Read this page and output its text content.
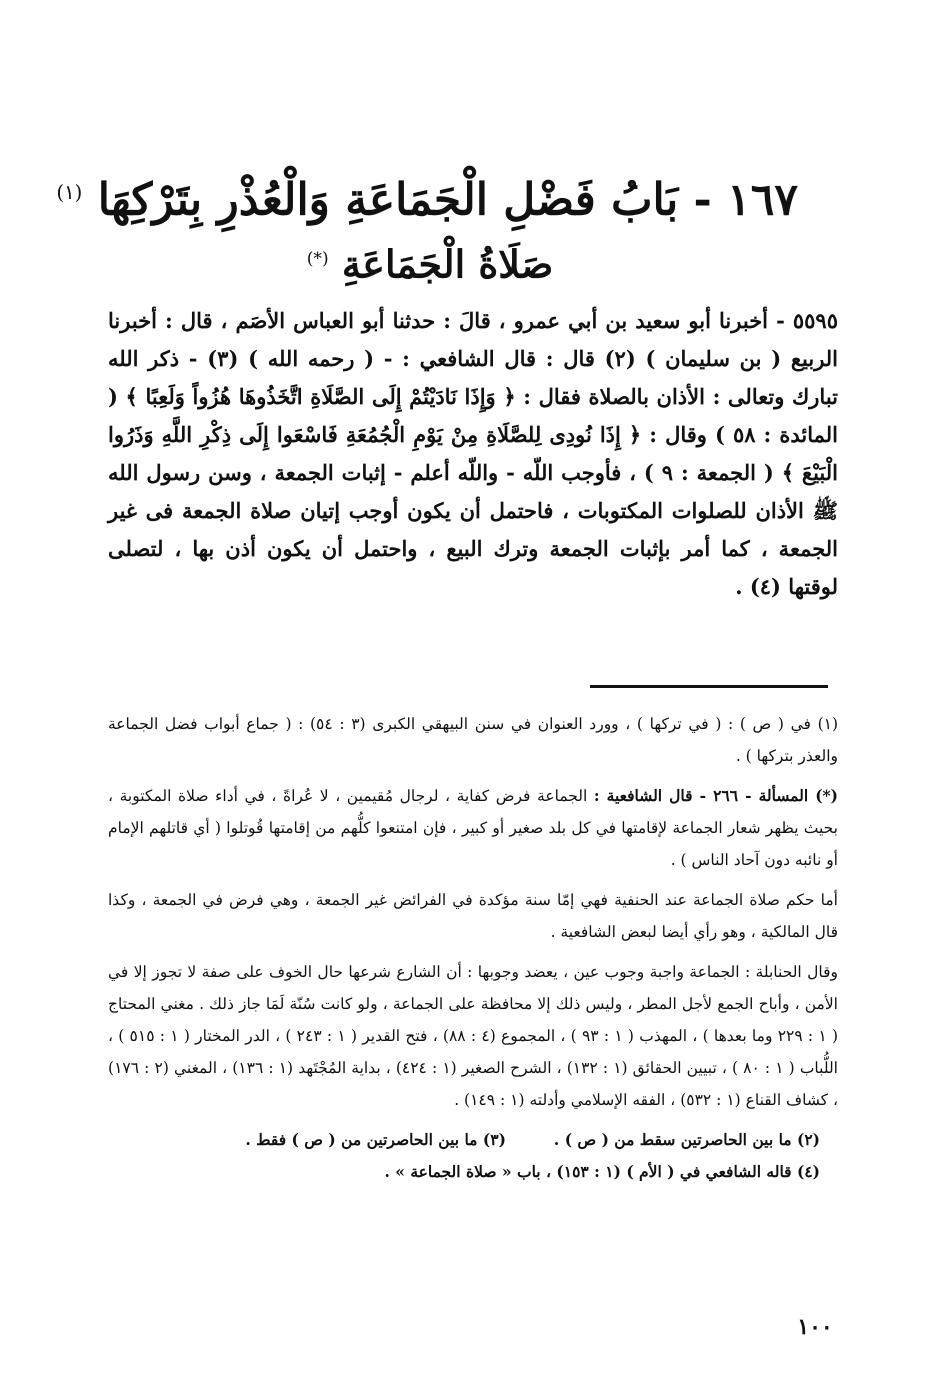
١٦٧ - بَابُ فَضْلِ الْجَمَاعَةِ وَالْعُذْرِ بِتَرْكِهَا $^{(١)}$
صَلَاةُ الْجَمَاعَةِ (*)

٥٥٩٥ - أخبرنا أبو سعيد بن أبي عمرو ، قالَ : حدثنا أبو العباس الأصَم ، قال : أخبرنا الربيع ( بن سليمان ) (٢) قال : قال الشافعي : - ( رحمه الله ) (٣) - ذكر الله تبارك وتعالى : الأذان بالصلاة فقال : ﴿ وَإِذَا نَادَيْتُمْ إِلَى الصَّلَاةِ اتَّخَذُوهَا هُزُواً وَلَعِبًا ﴾ ( المائدة : ٥٨ ) وقال : ﴿ إِذَا نُودِى لِلصَّلَاةِ مِنْ يَوْمِ الْجُمُعَةِ فَاسْعَوا إِلَى ذِكْرِ اللَّهِ وَذَرُوا الْبَيْعَ ﴾ ( الجمعة : ٩ ) ، فأوجب اللّه - واللّه أعلم - إثبات الجمعة ، وسن رسول الله ﷺ الأذان للصلوات المكتوبات ، فاحتمل أن يكون أوجب إتيان صلاة الجمعة فى غير الجمعة ، كما أمر بإثبات الجمعة وترك البيع ، واحتمل أن يكون أذن بها ، لتصلى لوقتها (٤) .

(١) في ( ص ) : ( في تركها ) ، وورد العنوان في سنن البيهقي الكبرى (٣ : ٥٤) : ( جماع أبواب فضل الجماعة والعذر بتركها ) .

(*) المسألة - ٢٦٦ - قال الشافعية : الجماعة فرض كفاية ، لرجال مُقيمين ، لا عُراةً ، في أداء صلاة المكتوبة ، بحيث يظهر شعار الجماعة لإقامتها في كل بلد صغير أو كبير ، فإن امتنعوا كلُّهم من إقامتها قُوتلوا ( أي قاتلهم الإمام أو نائبه دون آحاد الناس ) .

أما حكم صلاة الجماعة عند الحنفية فهي إمّا سنة مؤكدة في الفرائض غير الجمعة ، وهي فرض في الجمعة ، وكذا قال المالكية ، وهو رأي أيضا لبعض الشافعية .

وقال الحنابلة : الجماعة واجبة وجوب عين ، يعضد وجوبها : أن الشارع شرعها حال الخوف على صفة لا تجوز إلا في الأمن ، وأباح الجمع لأجل المطر ، وليس ذلك إلا محافظة على الجماعة ، ولو كانت سُنّة لَمَا جاز ذلك . مغني المحتاج ( ١ : ٢٢٩ وما بعدها ) ، المهذب ( ١ : ٩٣ ) ، المجموع (٤ : ٨٨) ، فتح القدير ( ١ : ٢٤٣ ) ، الدر المختار ( ١ : ٥١٥ ) ، اللُّباب ( ١ : ٨٠ ) ، تبيين الحقائق (١ : ١٣٢) ، الشرح الصغير (١ : ٤٢٤) ، بداية المُجْتَهد (١ : ١٣٦) ، المغني (٢ : ١٧٦) ، كشاف القناع (١ : ٥٣٢) ، الفقه الإسلامي وأدلته (١ : ١٤٩) .

(٢) ما بين الحاصرتين سقط من ( ص ) .
(٣) ما بين الحاصرتين من ( ص ) فقط .

(٤) قاله الشافعي في ( الأم ) (١ : ١٥٣) ، باب « صلاة الجماعة » .

١٠٠
